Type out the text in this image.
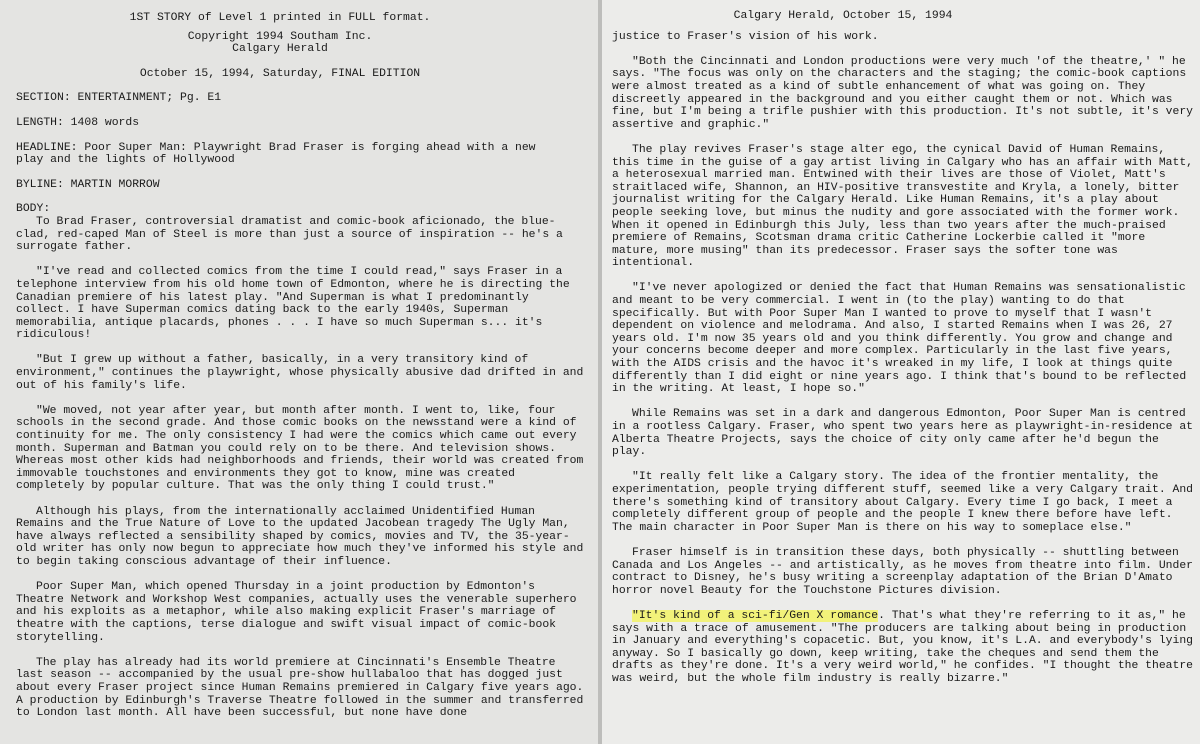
1ST STORY of Level 1 printed in FULL format.
Copyright 1994 Southam Inc.
Calgary Herald
October 15, 1994, Saturday, FINAL EDITION
SECTION: ENTERTAINMENT; Pg. E1
LENGTH: 1408 words
HEADLINE: Poor Super Man: Playwright Brad Fraser is forging ahead with a new
play and the lights of Hollywood
BYLINE: MARTIN MORROW
BODY:

To Brad Fraser, controversial dramatist and comic-book aficionado, the blue-clad, red-caped Man of Steel is more than just a source of inspiration -- he's a surrogate father.

"I've read and collected comics from the time I could read," says Fraser in a telephone interview from his old home town of Edmonton, where he is directing the Canadian premiere of his latest play. "And Superman is what I predominantly collect. I have Superman comics dating back to the early 1940s, Superman memorabilia, antique placards, phones . . . I have so much Superman s... it's ridiculous!

"But I grew up without a father, basically, in a very transitory kind of environment," continues the playwright, whose physically abusive dad drifted in and out of his family's life.

"We moved, not year after year, but month after month. I went to, like, four schools in the second grade. And those comic books on the newsstand were a kind of continuity for me. The only consistency I had were the comics which came out every month. Superman and Batman you could rely on to be there. And television shows. Whereas most other kids had neighborhoods and friends, their world was created from immovable touchstones and environments they got to know, mine was created completely by popular culture. That was the only thing I could trust."

Although his plays, from the internationally acclaimed Unidentified Human Remains and the True Nature of Love to the updated Jacobean tragedy The Ugly Man, have always reflected a sensibility shaped by comics, movies and TV, the 35-year-old writer has only now begun to appreciate how much they've informed his style and to begin taking conscious advantage of their influence.

Poor Super Man, which opened Thursday in a joint production by Edmonton's Theatre Network and Workshop West companies, actually uses the venerable superhero and his exploits as a metaphor, while also making explicit Fraser's marriage of theatre with the captions, terse dialogue and swift visual impact of comic-book storytelling.

The play has already had its world premiere at Cincinnati's Ensemble Theatre last season -- accompanied by the usual pre-show hullabaloo that has dogged just about every Fraser project since Human Remains premiered in Calgary five years ago. A production by Edinburgh's Traverse Theatre followed in the summer and transferred to London last month. All have been successful, but none have done

Calgary Herald, October 15, 1994

justice to Fraser's vision of his work.

"Both the Cincinnati and London productions were very much 'of the theatre,' " he says. "The focus was only on the characters and the staging; the comic-book captions were almost treated as a kind of subtle enhancement of what was going on. They discreetly appeared in the background and you either caught them or not. Which was fine, but I'm being a trifle pushier with this production. It's not subtle, it's very assertive and graphic."

The play revives Fraser's stage alter ego, the cynical David of Human Remains, this time in the guise of a gay artist living in Calgary who has an affair with Matt, a heterosexual married man. Entwined with their lives are those of Violet, Matt's straitlaced wife, Shannon, an HIV-positive transvestite and Kryla, a lonely, bitter journalist writing for the Calgary Herald. Like Human Remains, it's a play about people seeking love, but minus the nudity and gore associated with the former work. When it opened in Edinburgh this July, less than two years after the much-praised premiere of Remains, Scotsman drama critic Catherine Lockerbie called it "more mature, more musing" than its predecessor. Fraser says the softer tone was intentional.

"I've never apologized or denied the fact that Human Remains was sensationalistic and meant to be very commercial. I went in (to the play) wanting to do that specifically. But with Poor Super Man I wanted to prove to myself that I wasn't dependent on violence and melodrama. And also, I started Remains when I was 26, 27 years old. I'm now 35 years old and you think differently. You grow and change and your concerns become deeper and more complex. Particularly in the last five years, with the AIDS crisis and the havoc it's wreaked in my life, I look at things quite differently than I did eight or nine years ago. I think that's bound to be reflected in the writing. At least, I hope so."

While Remains was set in a dark and dangerous Edmonton, Poor Super Man is centred in a rootless Calgary. Fraser, who spent two years here as playwright-in-residence at Alberta Theatre Projects, says the choice of city only came after he'd begun the play.

"It really felt like a Calgary story. The idea of the frontier mentality, the experimentation, people trying different stuff, seemed like a very Calgary trait. And there's something kind of transitory about Calgary. Every time I go back, I meet a completely different group of people and the people I knew there before have left. The main character in Poor Super Man is there on his way to someplace else."

Fraser himself is in transition these days, both physically -- shuttling between Canada and Los Angeles -- and artistically, as he moves from theatre into film. Under contract to Disney, he's busy writing a screenplay adaptation of the Brian D'Amato horror novel Beauty for the Touchstone Pictures division.

"It's kind of a sci-fi/Gen X romance. That's what they're referring to it as," he says with a trace of amusement. "The producers are talking about being in production in January and everything's copacetic. But, you know, it's L.A. and everybody's lying anyway. So I basically go down, keep writing, take the cheques and send them the drafts as they're done. It's a very weird world," he confides. "I thought the theatre was weird, but the whole film industry is really bizarre."
